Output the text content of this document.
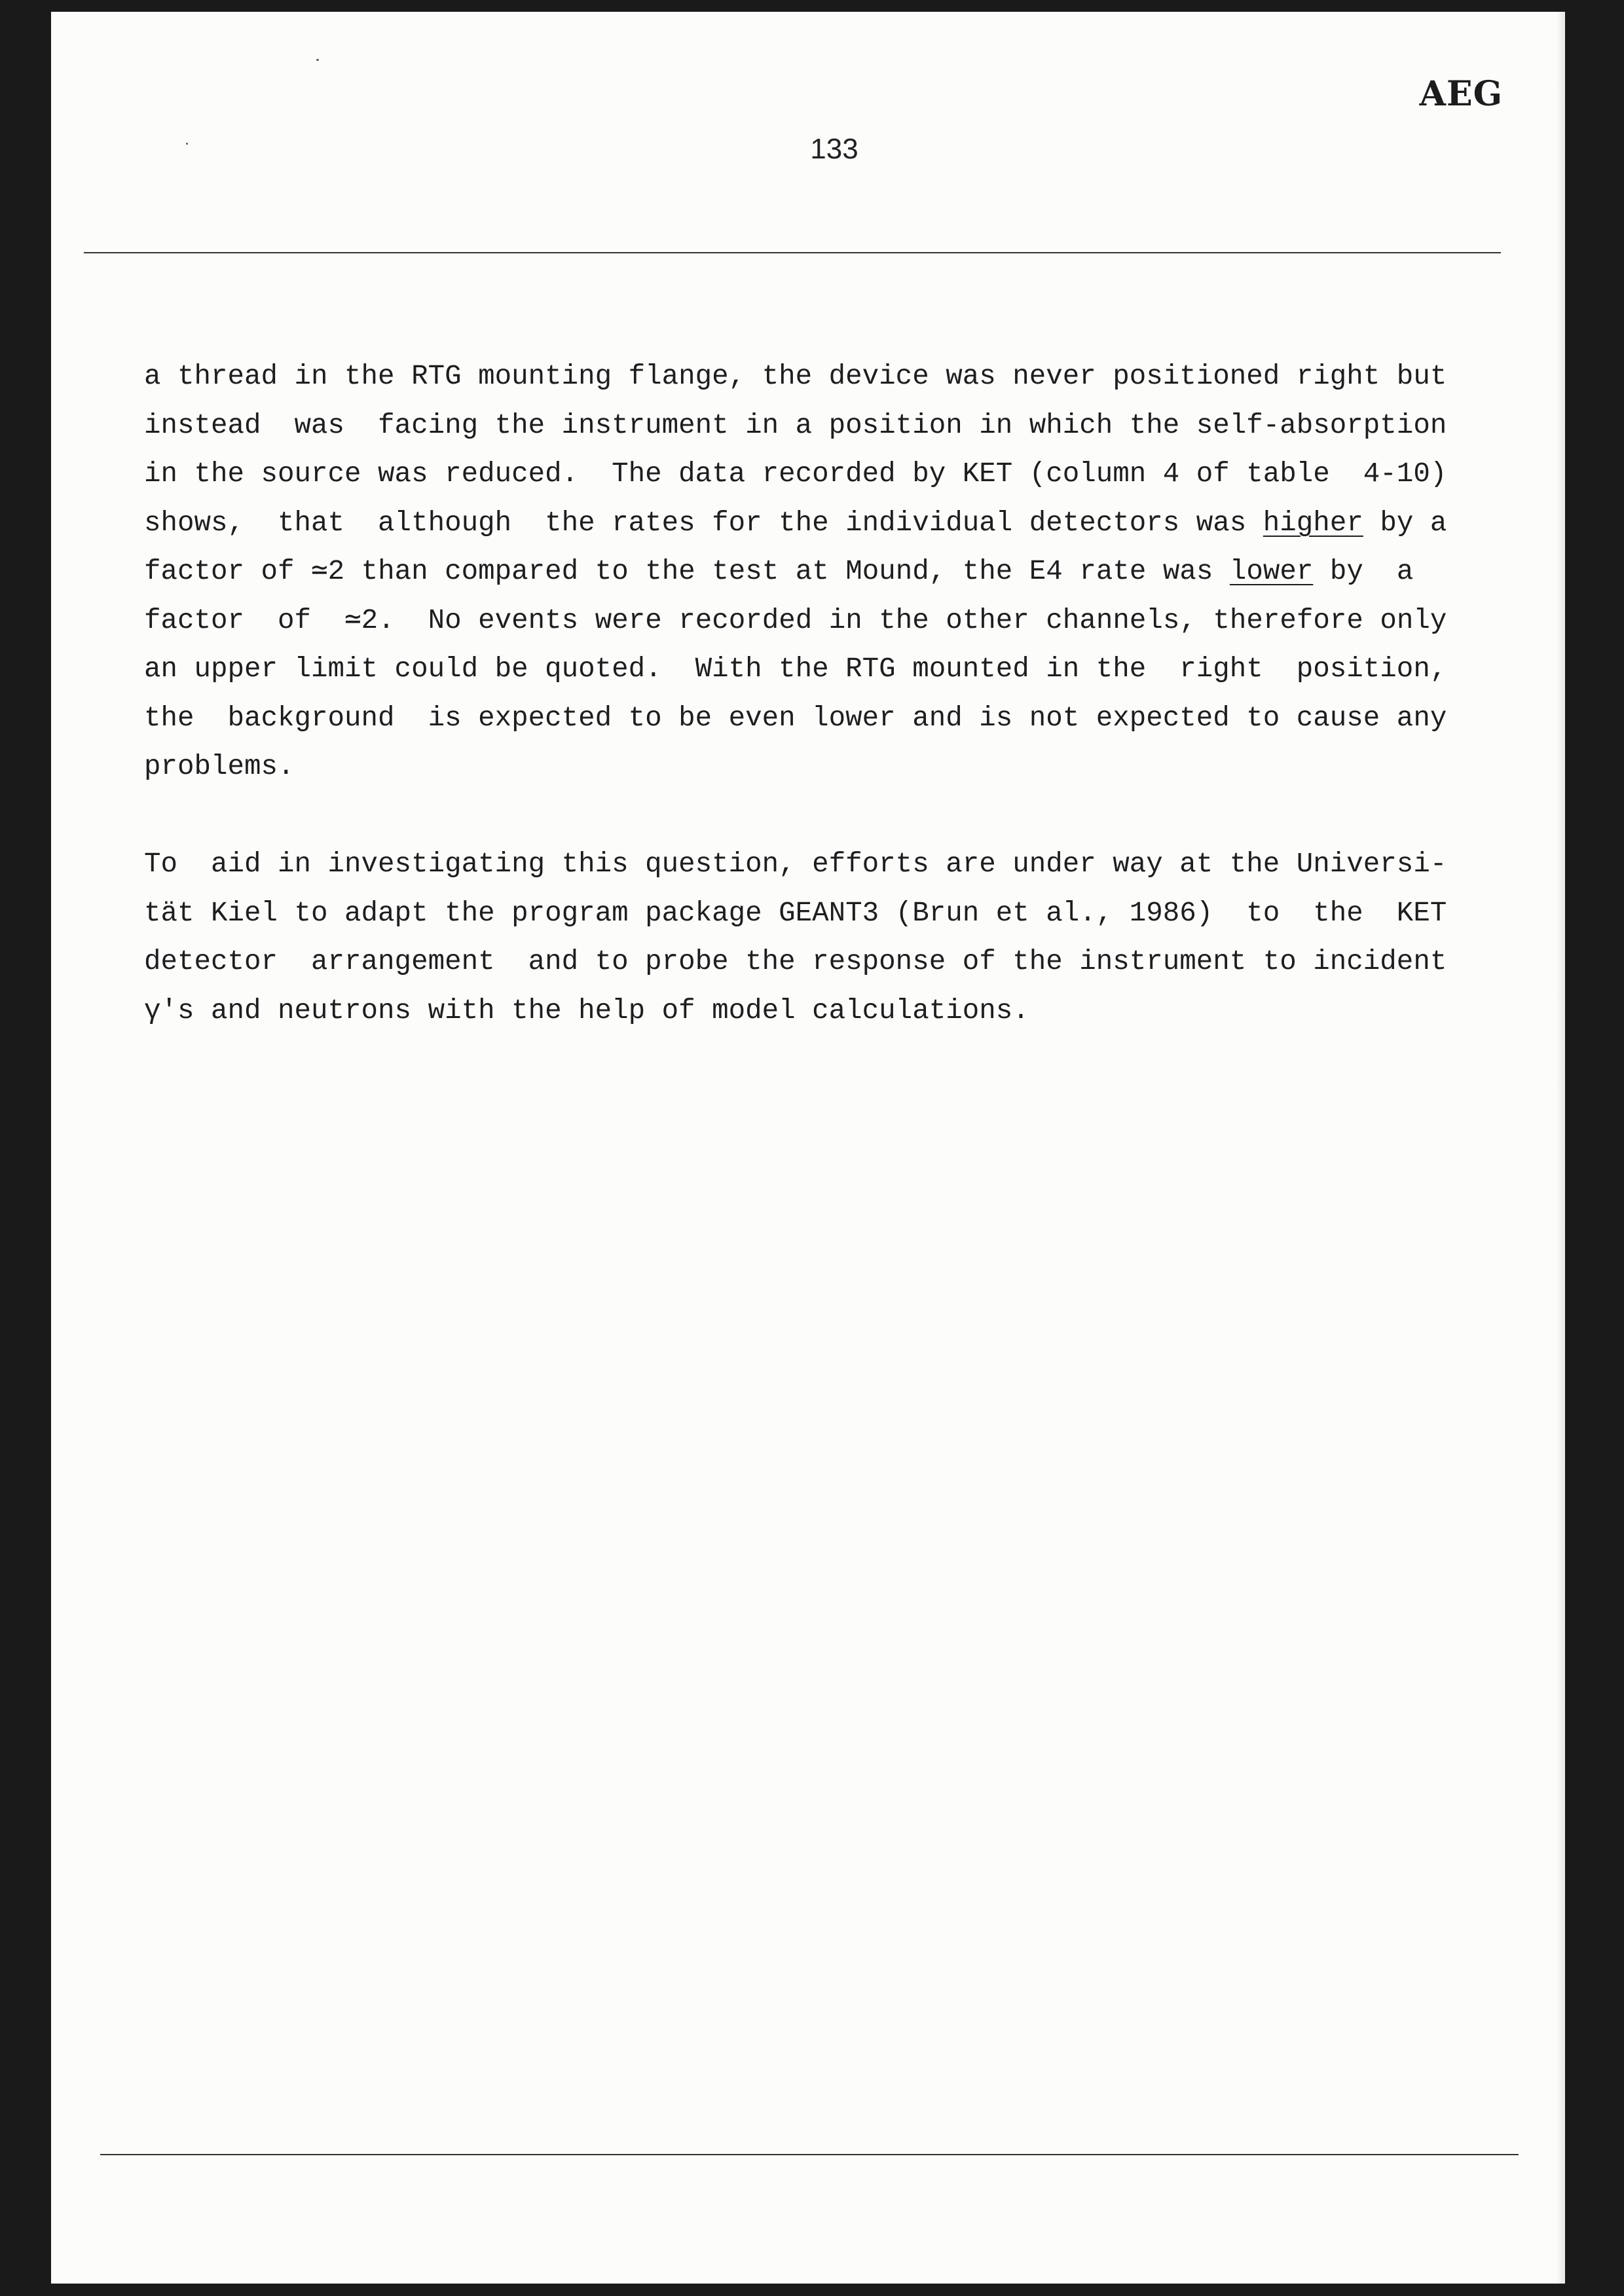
AEG
133
a thread in the RTG mounting flange, the device was never positioned right but
instead  was  facing the instrument in a position in which the self-absorption
in the source was reduced.  The data recorded by KET (column 4 of table  4-10)
shows,  that  although  the rates for the individual detectors was higher by a
factor of ≃2 than compared to the test at Mound, the E4 rate was lower by  a
factor  of  ≃2.  No events were recorded in the other channels, therefore only
an upper limit could be quoted.  With the RTG mounted in the  right  position,
the  background  is expected to be even lower and is not expected to cause any
problems.
To  aid in investigating this question, efforts are under way at the Universi-
tät Kiel to adapt the program package GEANT3 (Brun et al., 1986)  to  the  KET
detector  arrangement  and to probe the response of the instrument to incident
γ's and neutrons with the help of model calculations.
